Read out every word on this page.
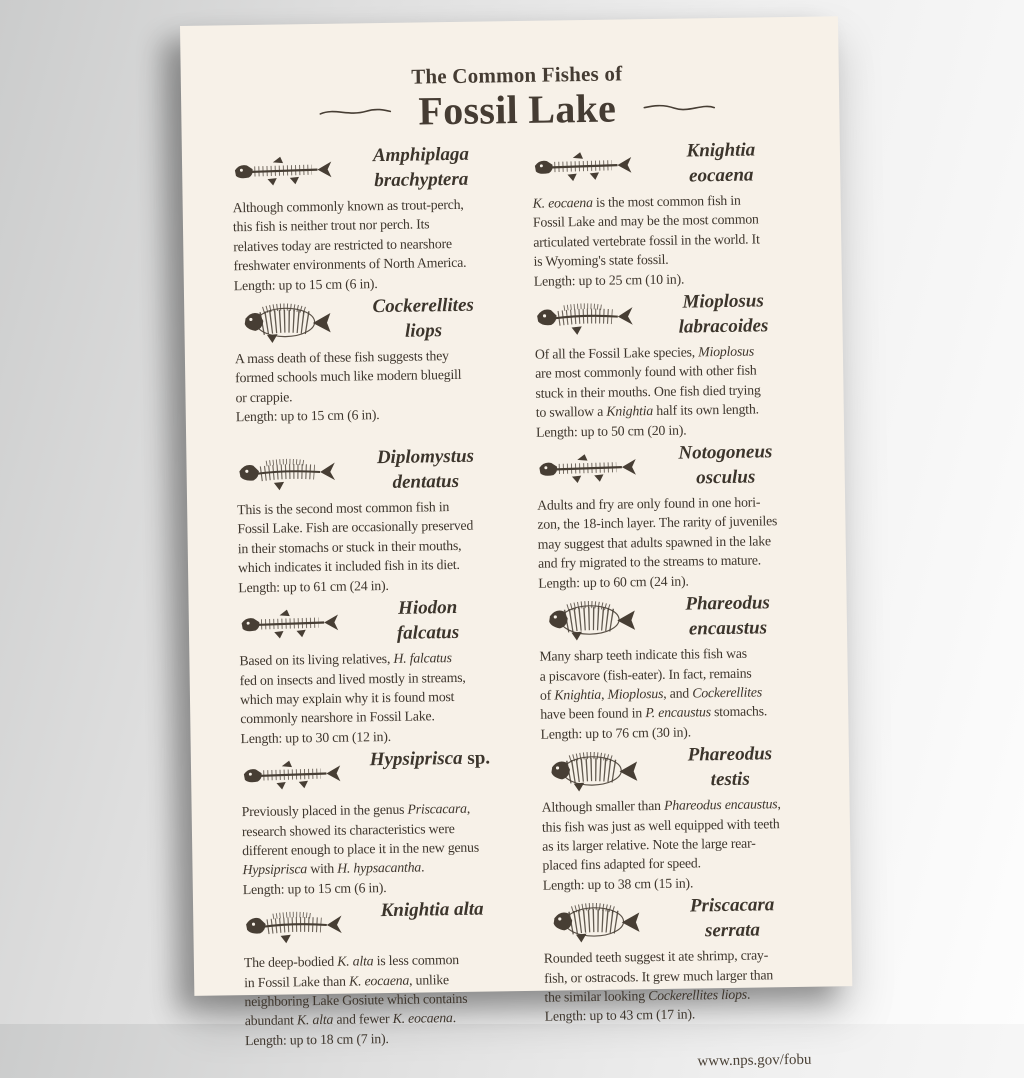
The Common Fishes of
Fossil Lake
Amphiplaga
brachyptera
Although commonly known as trout-perch,
this fish is neither trout nor perch. Its
relatives today are restricted to nearshore
freshwater environments of North America.
Length: up to 15 cm (6 in).
Knightia
eocaena
K. eocaena is the most common fish in
Fossil Lake and may be the most common
articulated vertebrate fossil in the world. It
is Wyoming's state fossil.
Length: up to 25 cm (10 in).
Cockerellites
liops
A mass death of these fish suggests they
formed schools much like modern bluegill
or crappie.
Length: up to 15 cm (6 in).
Mioplosus
labracoides
Of all the Fossil Lake species, Mioplosus
are most commonly found with other fish
stuck in their mouths. One fish died trying
to swallow a Knightia half its own length.
Length: up to 50 cm (20 in).
Diplomystus
dentatus
This is the second most common fish in
Fossil Lake. Fish are occasionally preserved
in their stomachs or stuck in their mouths,
which indicates it included fish in its diet.
Length: up to 61 cm (24 in).
Notogoneus
osculus
Adults and fry are only found in one hori-
zon, the 18-inch layer. The rarity of juveniles
may suggest that adults spawned in the lake
and fry migrated to the streams to mature.
Length: up to 60 cm (24 in).
Hiodon
falcatus
Based on its living relatives, H. falcatus
fed on insects and lived mostly in streams,
which may explain why it is found most
commonly nearshore in Fossil Lake.
Length: up to 30 cm (12 in).
Phareodus
encaustus
Many sharp teeth indicate this fish was
a piscavore (fish-eater). In fact, remains
of Knightia, Mioplosus, and Cockerellites
have been found in P. encaustus stomachs.
Length: up to 76 cm (30 in).
Hypsiprisca sp.
Previously placed in the genus Priscacara,
research showed its characteristics were
different enough to place it in the new genus
Hypsiprisca with H. hypsacantha.
Length: up to 15 cm (6 in).
Phareodus
testis
Although smaller than Phareodus encaustus,
this fish was just as well equipped with teeth
as its larger relative. Note the large rear-
placed fins adapted for speed.
Length: up to 38 cm (15 in).
Knightia alta
The deep-bodied K. alta is less common
in Fossil Lake than K. eocaena, unlike
neighboring Lake Gosiute which contains
abundant K. alta and fewer K. eocaena.
Length: up to 18 cm (7 in).
Priscacara
serrata
Rounded teeth suggest it ate shrimp, cray-
fish, or ostracods. It grew much larger than
the similar looking Cockerellites liops.
Length: up to 43 cm (17 in).
www.nps.gov/fobu
